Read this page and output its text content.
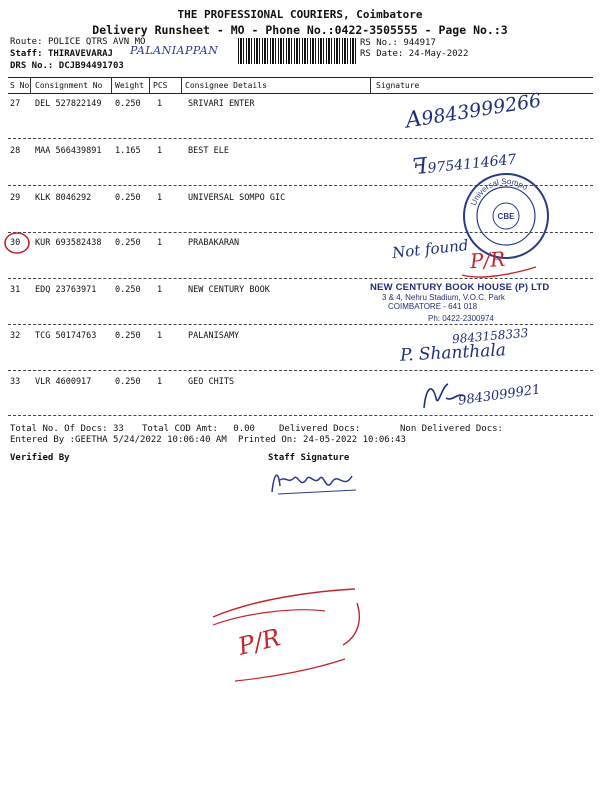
THE PROFESSIONAL COURIERS, Coimbatore
Delivery Runsheet - MO - Phone No.:0422-3505555 - Page No.:3
Route: POLICE QTRS AVN MO
Staff: THIRAVEVARAJ PALANIAPPAN
DRS No.: DCJB94491703
RS No.: 944917
RS Date: 24-May-2022
S No Consignment No Weight PCS Consignee Details	Signature
27 DEL 527822149 0.250 1	SRIVARI ENTER
28 MAA 566439891 1.165 1	BEST ELE
29 KLK 8046292	0.250 1	UNIVERSAL SOMPO GIC
30 KUR 693582438 0.250 1	PRABAKARAN
31 EDQ 23763971 0.250 1	NEW CENTURY BOOK
32 TCG 50174763 0.250 1	PALANISAMY
33 VLR 4600917	0.250 1	GEO CHITS
A9843999266
ꟻ9754114647
Universal Sompo
CBE
Not found P/R
NEW CENTURY BOOK HOUSE (P) LTD
3 & 4, Nehru Stadium, V.O.C. Park
COIMBATORE - 641 018
Ph: 0422-2300974
9843158333
P. Shanthala
9843099921
Total No. Of Docs: 33 Total COD Amt: 0.00	Delivered Docs:	Non Delivered Docs:
Entered By :GEETHA 5/24/2022 10:06:40 AM Printed On: 24-05-2022 10:06:43
Verified By	Staff Signature
P/R
